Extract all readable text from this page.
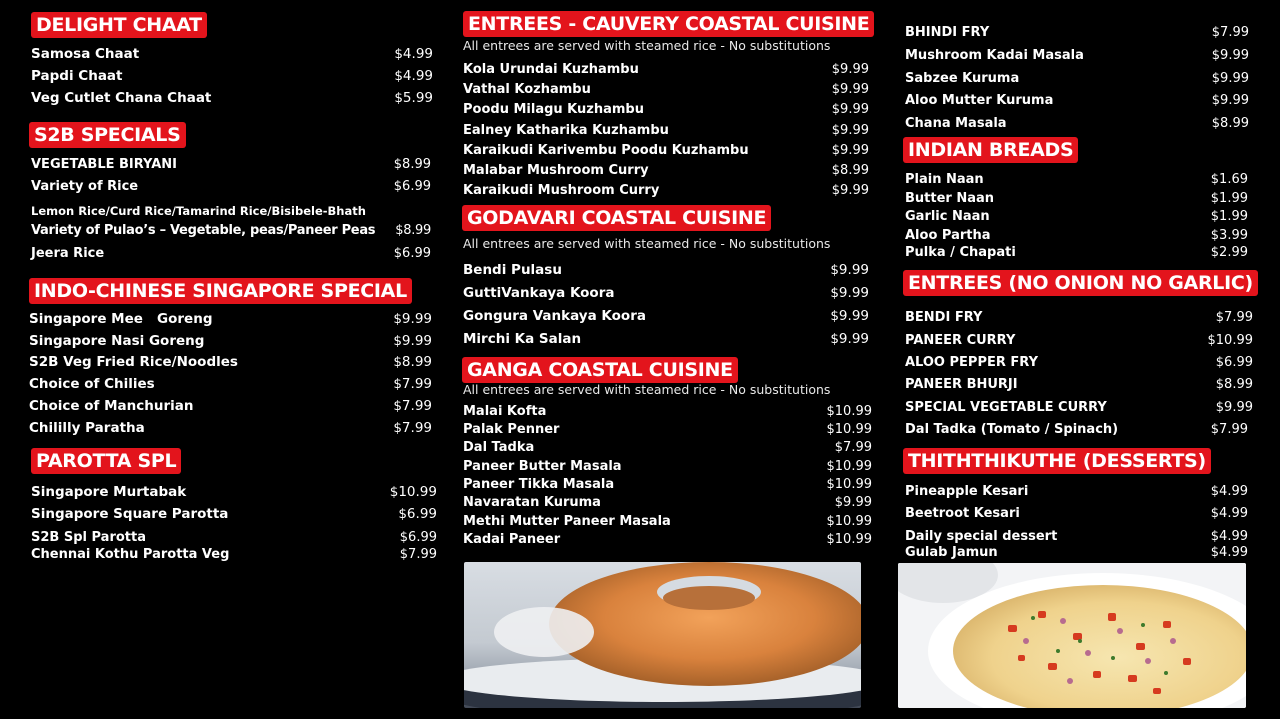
DELIGHT CHAAT
Samosa Chaat	$4.99
Papdi Chaat	$4.99
Veg Cutlet Chana Chaat	$5.99
S2B SPECIALS
VEGETABLE BIRYANI	$8.99
Variety of Rice	$6.99
Lemon Rice/Curd Rice/Tamarind Rice/Bisibele-Bhath
Variety of Pulao’s – Vegetable, peas/Paneer Peas $8.99
Jeera Rice	$6.99
INDO-CHINESE SINGAPORE SPECIAL
Singapore Mee   Goreng	$9.99
Singapore Nasi Goreng	$9.99
S2B Veg Fried Rice/Noodles	$8.99
Choice of Chilies	$7.99
Choice of Manchurian	$7.99
Chililly Paratha	$7.99
PAROTTA SPL
Singapore Murtabak	$10.99
Singapore Square Parotta	$6.99
S2B Spl Parotta	$6.99
Chennai Kothu Parotta Veg	$7.99
ENTREES - CAUVERY COASTAL CUISINE
All entrees are served with steamed rice - No substitutions
Kola Urundai Kuzhambu	$9.99
Vathal Kozhambu	$9.99
Poodu Milagu Kuzhambu	$9.99
Ealney Katharika Kuzhambu	$9.99
Karaikudi Karivembu Poodu Kuzhambu	$9.99
Malabar Mushroom Curry	$8.99
Karaikudi Mushroom Curry	$9.99
GODAVARI COASTAL CUISINE
All entrees are served with steamed rice - No substitutions
Bendi Pulasu	$9.99
GuttiVankaya Koora	$9.99
Gongura Vankaya Koora	$9.99
Mirchi Ka Salan	$9.99
GANGA COASTAL CUISINE
All entrees are served with steamed rice - No substitutions
Malai Kofta	$10.99
Palak Penner	$10.99
Dal Tadka	$7.99
Paneer Butter Masala	$10.99
Paneer Tikka Masala	$10.99
Navaratan Kuruma	$9.99
Methi Mutter Paneer Masala	$10.99
Kadai Paneer	$10.99
BHINDI FRY	$7.99
Mushroom Kadai Masala	$9.99
Sabzee Kuruma	$9.99
Aloo Mutter Kuruma	$9.99
Chana Masala	$8.99
INDIAN BREADS
Plain Naan	$1.69
Butter Naan	$1.99
Garlic Naan	$1.99
Aloo Partha	$3.99
Pulka / Chapati	$2.99
ENTREES (NO ONION NO GARLIC)
BENDI FRY	$7.99
PANEER CURRY	$10.99
ALOO PEPPER FRY	$6.99
PANEER BHURJI	$8.99
SPECIAL VEGETABLE CURRY	$9.99
Dal Tadka (Tomato / Spinach)	$7.99
THITHTHIKUTHE (DESSERTS)
Pineapple Kesari	$4.99
Beetroot Kesari	$4.99
Daily special dessert	$4.99
Gulab Jamun	$4.99
